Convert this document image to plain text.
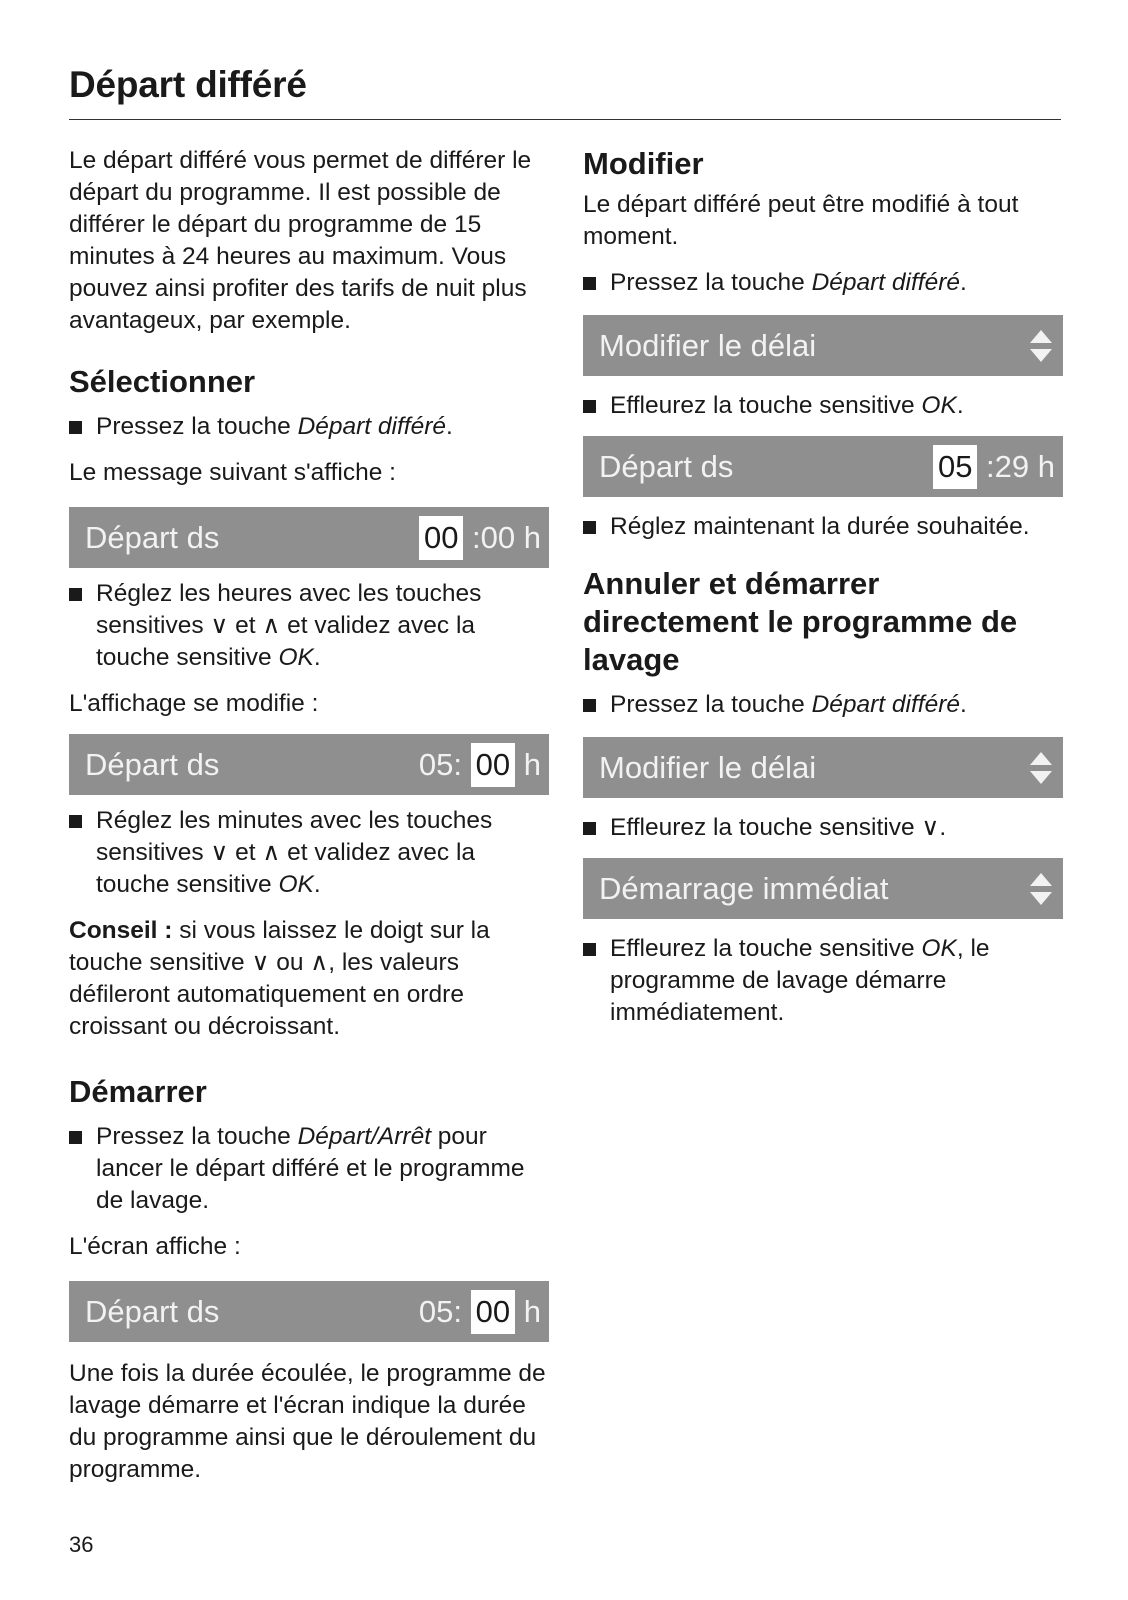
Départ différé

Le départ différé vous permet de différer le départ du programme. Il est possible de différer le départ du programme de 15 minutes à 24 heures au maximum. Vous pouvez ainsi profiter des tarifs de nuit plus avantageux, par exemple.

Sélectionner
Pressez la touche Départ différé.

Le message suivant s'affiche :

Départ ds	00 :00 h
Réglez les heures avec les touches sensitives ∨ et ∧ et validez avec la touche sensitive OK.

L'affichage se modifie :

Départ ds	05: 00 h
Réglez les minutes avec les touches sensitives ∨ et ∧ et validez avec la touche sensitive OK.

Conseil : si vous laissez le doigt sur la touche sensitive ∨ ou ∧, les valeurs défileront automatiquement en ordre croissant ou décroissant.

Démarrer
Pressez la touche Départ/Arrêt pour lancer le départ différé et le programme de lavage.

L'écran affiche :

Départ ds	05: 00 h

Une fois la durée écoulée, le programme de lavage démarre et l'écran indique la durée du programme ainsi que le déroulement du programme.

Modifier

Le départ différé peut être modifié à tout moment.

Pressez la touche Départ différé.
Modifier le délai
Effleurez la touche sensitive OK.
Départ ds	05 :29 h
Réglez maintenant la durée souhaitée.
Annuler et démarrer directement le programme de lavage
Pressez la touche Départ différé.
Modifier le délai
Effleurez la touche sensitive ∨.
Démarrage immédiat
Effleurez la touche sensitive OK, le programme de lavage démarre immédiatement.
36
